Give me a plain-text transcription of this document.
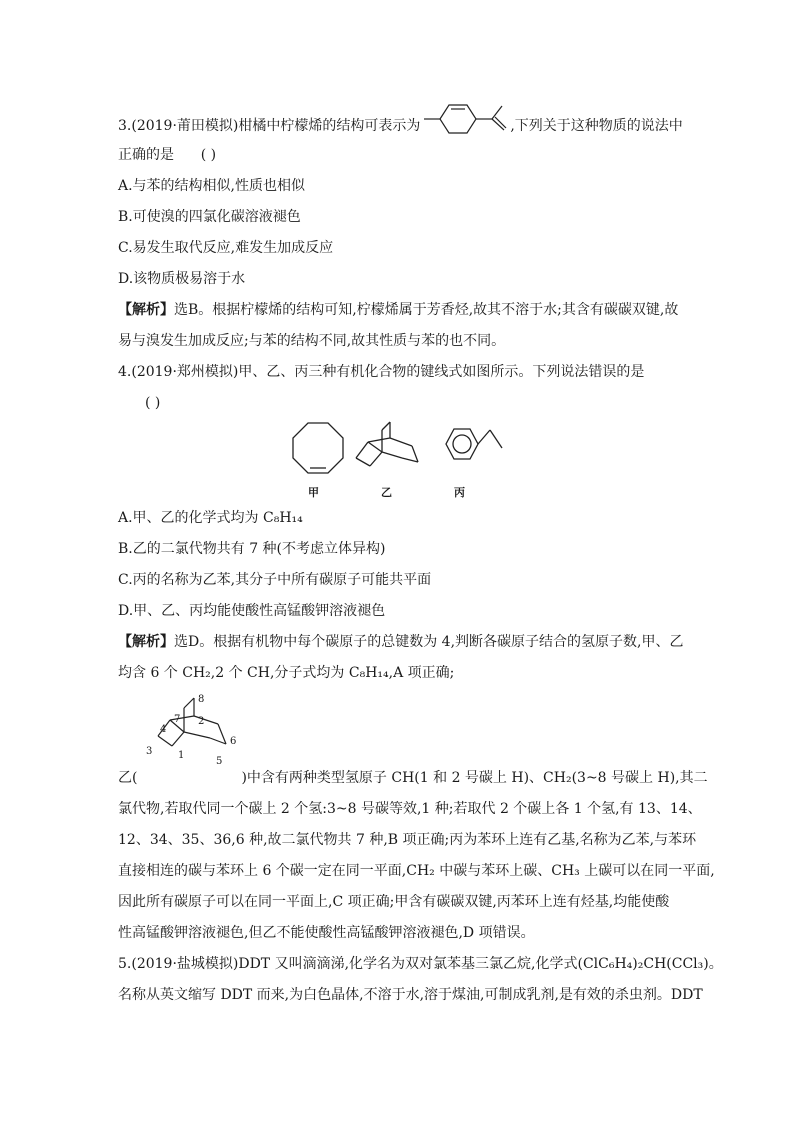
3.(2019·莆田模拟)柑橘中柠檬烯的结构可表示为	,下列关于这种物质的说法中
正确的是 ( )
A.与苯的结构相似,性质也相似
B.可使溴的四氯化碳溶液褪色
C.易发生取代反应,难发生加成反应
D.该物质极易溶于水
【解析】选B。根据柠檬烯的结构可知,柠檬烯属于芳香烃,故其不溶于水;其含有碳碳双键,故
易与溴发生加成反应;与苯的结构不同,故其性质与苯的也不同。
4.(2019·郑州模拟)甲、乙、丙三种有机化合物的键线式如图所示。下列说法错误的是
( )
甲	乙	丙
A.甲、乙的化学式均为 C₈H₁₄
B.乙的二氯代物共有 7 种(不考虑立体异构)
C.丙的名称为乙苯,其分子中所有碳原子可能共平面
D.甲、乙、丙均能使酸性高锰酸钾溶液褪色
【解析】选D。根据有机物中每个碳原子的总键数为 4,判断各碳原子结合的氢原子数,甲、乙
均含 6 个 CH₂,2 个 CH,分子式均为 C₈H₁₄,A 项正确;
1
2
3
4
5
6
7
8
乙(	)中含有两种类型氢原子 CH(1 和 2 号碳上 H)、CH₂(3~8 号碳上 H),其二
氯代物,若取代同一个碳上 2 个氢:3~8 号碳等效,1 种;若取代 2 个碳上各 1 个氢,有 13、14、
12、34、35、36,6 种,故二氯代物共 7 种,B 项正确;丙为苯环上连有乙基,名称为乙苯,与苯环
直接相连的碳与苯环上 6 个碳一定在同一平面,CH₂ 中碳与苯环上碳、CH₃ 上碳可以在同一平面,
因此所有碳原子可以在同一平面上,C 项正确;甲含有碳碳双键,丙苯环上连有烃基,均能使酸
性高锰酸钾溶液褪色,但乙不能使酸性高锰酸钾溶液褪色,D 项错误。
5.(2019·盐城模拟)DDT 又叫滴滴涕,化学名为双对氯苯基三氯乙烷,化学式(ClC₆H₄)₂CH(CCl₃)。
名称从英文缩写 DDT 而来,为白色晶体,不溶于水,溶于煤油,可制成乳剂,是有效的杀虫剂。DDT
